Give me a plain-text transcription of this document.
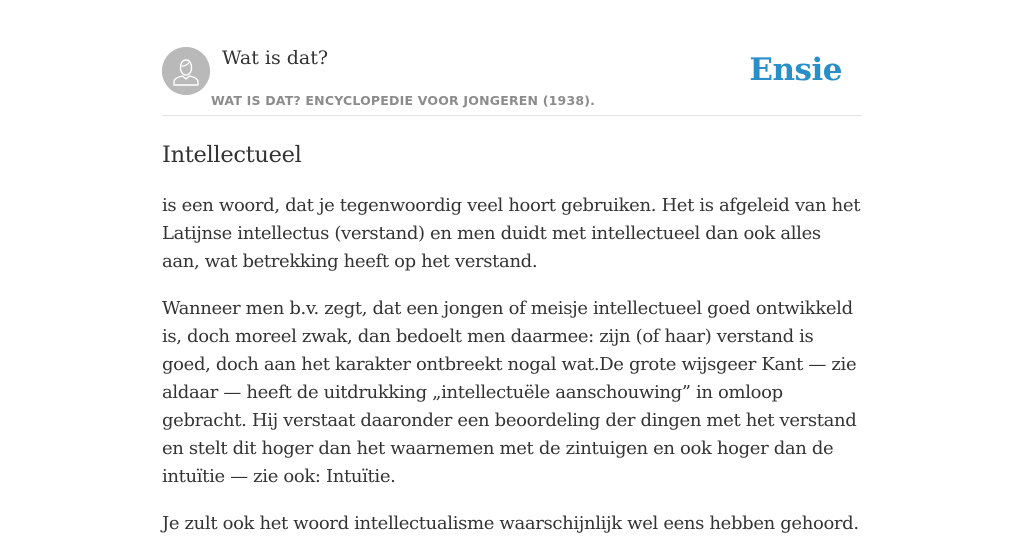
Wat is dat?
WAT IS DAT? ENCYCLOPEDIE VOOR JONGEREN (1938).
Ensie
Intellectueel

is een woord, dat je tegenwoordig veel hoort gebruiken. Het is afgeleid van het Latijnse intellectus (verstand) en men duidt met intellectueel dan ook alles aan, wat betrekking heeft op het verstand.

Wanneer men b.v. zegt, dat een jongen of meisje intellectueel goed ontwikkeld is, doch moreel zwak, dan bedoelt men daarmee: zijn (of haar) verstand is goed, doch aan het karakter ontbreekt nogal wat.De grote wijsgeer Kant — zie aldaar — heeft de uitdrukking „intellectuële aanschouwing” in omloop gebracht. Hij verstaat daaronder een beoordeling der dingen met het verstand en stelt dit hoger dan het waarnemen met de zintuigen en ook hoger dan de intuïtie — zie ook: Intuïtie.

Je zult ook het woord intellectualisme waarschijnlijk wel eens hebben gehoord.
